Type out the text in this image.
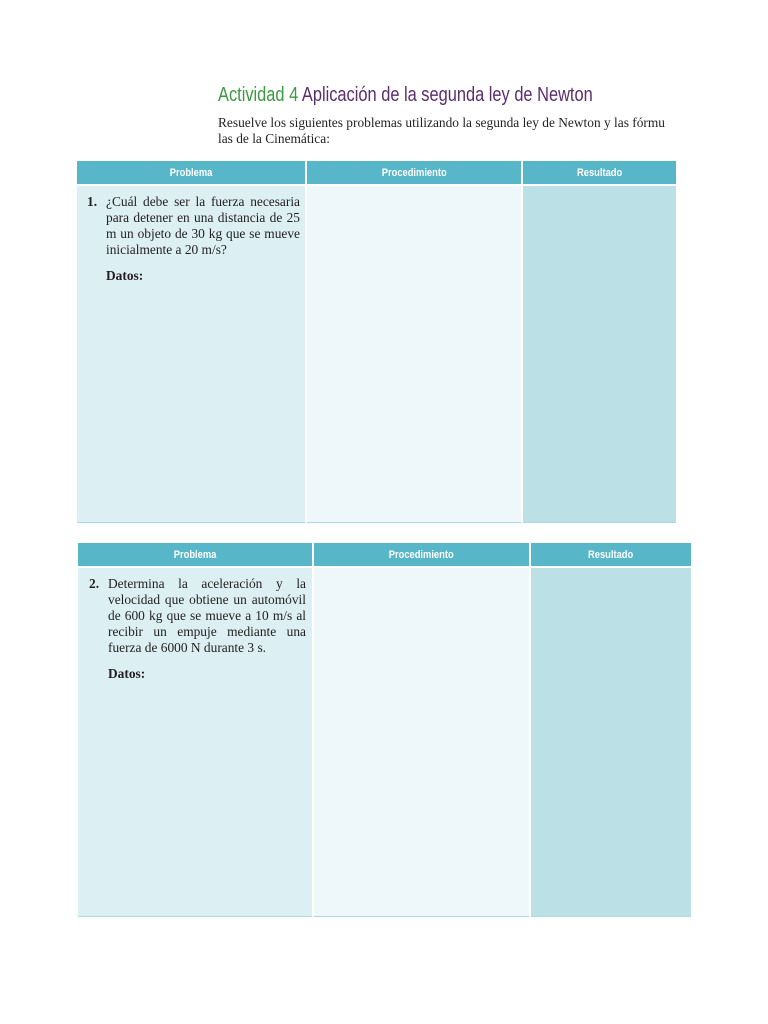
Actividad 4 Aplicación de la segunda ley de Newton

Resuelve los siguientes problemas utilizando la segunda ley de Newton y las fórmu
las de la Cinemática:

Problema	Procedimiento	Resultado
1. ¿Cuál debe ser la fuerza necesaria para detener en una distancia de 25 m un objeto de 30 kg que se mueve inicialmente a 20 m/s?
Datos:
Problema	Procedimiento	Resultado
2. Determina la aceleración y la velocidad que obtiene un automóvil de 600 kg que se mueve a 10 m/s al recibir un empuje mediante una fuerza de 6000 N durante 3 s.
Datos:
